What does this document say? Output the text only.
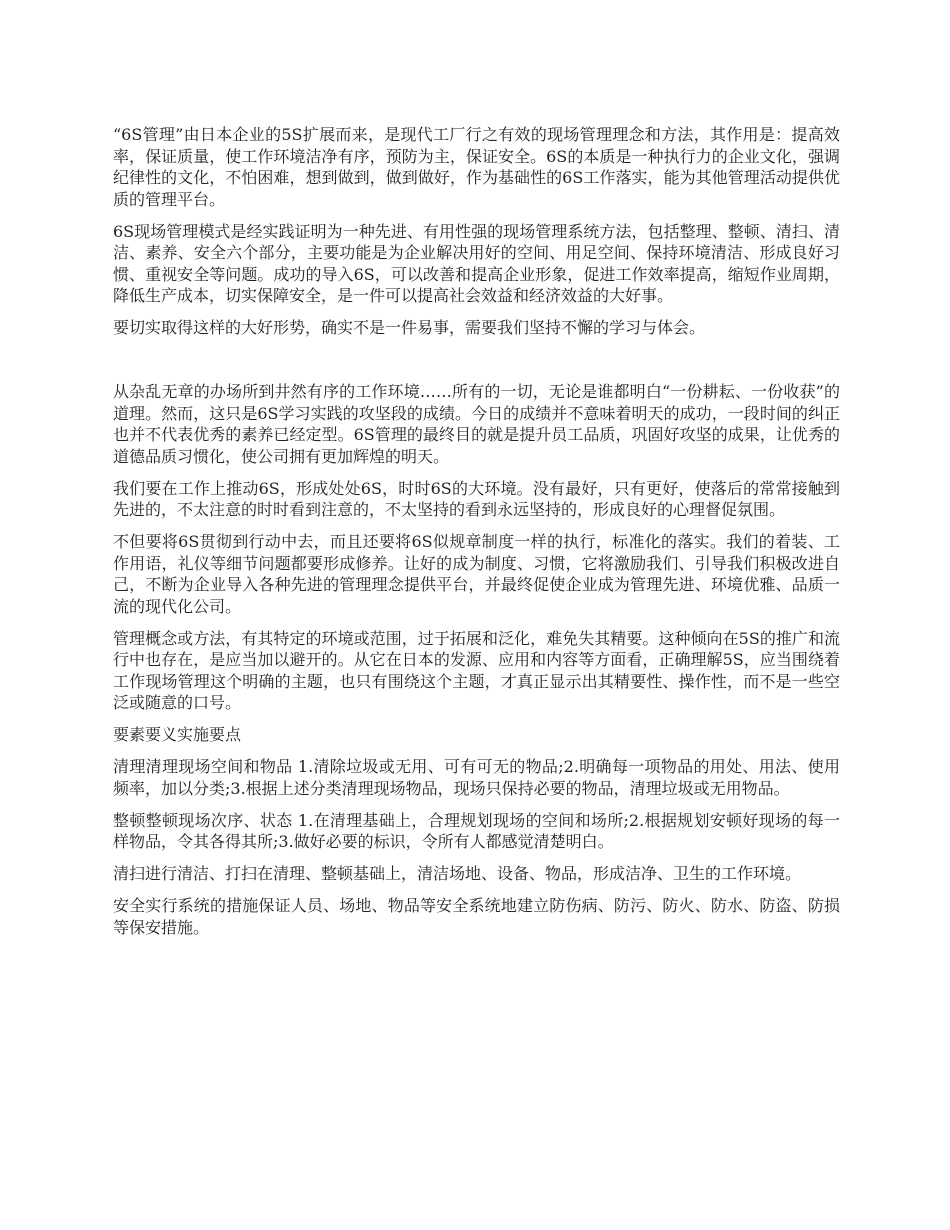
“6S管理”由日本企业的5S扩展而来，是现代工厂行之有效的现场管理理念和方法，其作用是：提高效率，保证质量，使工作环境洁净有序，预防为主，保证安全。6S的本质是一种执行力的企业文化，强调纪律性的文化，不怕困难，想到做到，做到做好，作为基础性的6S工作落实，能为其他管理活动提供优质的管理平台。

6S现场管理模式是经实践证明为一种先进、有用性强的现场管理系统方法，包括整理、整顿、清扫、清洁、素养、安全六个部分，主要功能是为企业解决用好的空间、用足空间、保持环境清洁、形成良好习惯、重视安全等问题。成功的导入6S，可以改善和提高企业形象，促进工作效率提高，缩短作业周期，降低生产成本，切实保障安全，是一件可以提高社会效益和经济效益的大好事。

要切实取得这样的大好形势，确实不是一件易事，需要我们坚持不懈的学习与体会。

从杂乱无章的办场所到井然有序的工作环境……所有的一切，无论是谁都明白“一份耕耘、一份收获”的道理。然而，这只是6S学习实践的攻坚段的成绩。今日的成绩并不意味着明天的成功，一段时间的纠正也并不代表优秀的素养已经定型。6S管理的最终目的就是提升员工品质，巩固好攻坚的成果，让优秀的道德品质习惯化，使公司拥有更加辉煌的明天。

我们要在工作上推动6S，形成处处6S，时时6S的大环境。没有最好，只有更好，使落后的常常接触到先进的，不太注意的时时看到注意的，不太坚持的看到永远坚持的，形成良好的心理督促氛围。

不但要将6S贯彻到行动中去，而且还要将6S似规章制度一样的执行，标准化的落实。我们的着装、工作用语，礼仪等细节问题都要形成修养。让好的成为制度、习惯，它将激励我们、引导我们积极改进自己，不断为企业导入各种先进的管理理念提供平台，并最终促使企业成为管理先进、环境优雅、品质一流的现代化公司。

管理概念或方法，有其特定的环境或范围，过于拓展和泛化，难免失其精要。这种倾向在5S的推广和流行中也存在，是应当加以避开的。从它在日本的发源、应用和内容等方面看，正确理解5S，应当围绕着工作现场管理这个明确的主题，也只有围绕这个主题，才真正显示出其精要性、操作性，而不是一些空泛或随意的口号。

要素要义实施要点

清理清理现场空间和物品 1.清除垃圾或无用、可有可无的物品;2.明确每一项物品的用处、用法、使用频率，加以分类;3.根据上述分类清理现场物品，现场只保持必要的物品，清理垃圾或无用物品。

整顿整顿现场次序、状态 1.在清理基础上，合理规划现场的空间和场所;2.根据规划安顿好现场的每一样物品，令其各得其所;3.做好必要的标识，令所有人都感觉清楚明白。

清扫进行清洁、打扫在清理、整顿基础上，清洁场地、设备、物品，形成洁净、卫生的工作环境。

安全实行系统的措施保证人员、场地、物品等安全系统地建立防伤病、防污、防火、防水、防盗、防损等保安措施。
